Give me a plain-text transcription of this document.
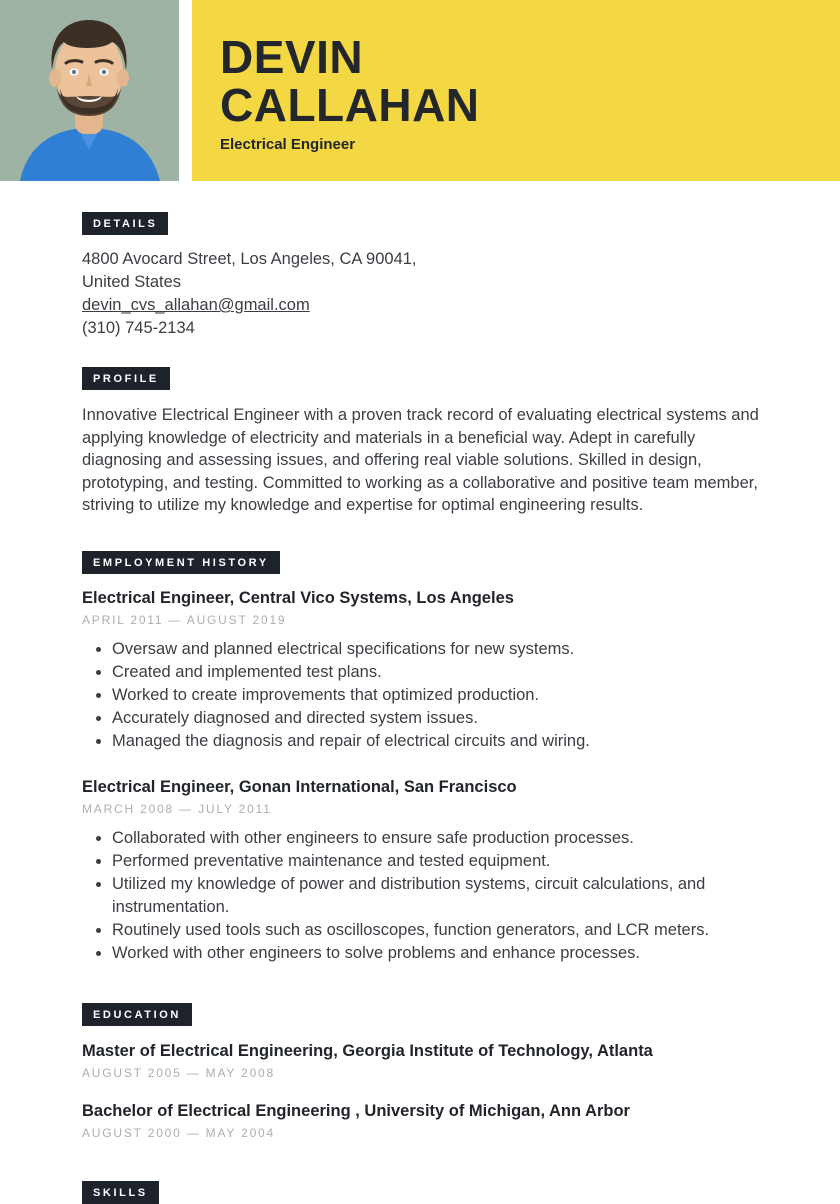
DEVIN
CALLAHAN
Electrical Engineer
DETAILS
4800 Avocard Street, Los Angeles, CA 90041,
United States
devin_cvs_allahan@gmail.com
(310) 745-2134
PROFILE
Innovative Electrical Engineer with a proven track record of evaluating electrical systems and applying knowledge of electricity and materials in a beneficial way. Adept in carefully diagnosing and assessing issues, and offering real viable solutions. Skilled in design, prototyping, and testing. Committed to working as a collaborative and positive team member, striving to utilize my knowledge and expertise for optimal engineering results.
EMPLOYMENT HISTORY
Electrical Engineer, Central Vico Systems, Los Angeles
APRIL 2011 — AUGUST 2019
• Oversaw and planned electrical specifications for new systems.
• Created and implemented test plans.
• Worked to create improvements that optimized production.
• Accurately diagnosed and directed system issues.
• Managed the diagnosis and repair of electrical circuits and wiring.
Electrical Engineer, Gonan International, San Francisco
MARCH 2008 — JULY 2011
• Collaborated with other engineers to ensure safe production processes.
• Performed preventative maintenance and tested equipment.
• Utilized my knowledge of power and distribution systems, circuit calculations, and instrumentation.
• Routinely used tools such as oscilloscopes, function generators, and LCR meters.
• Worked with other engineers to solve problems and enhance processes.
EDUCATION
Master of Electrical Engineering, Georgia Institute of Technology, Atlanta
AUGUST 2005 — MAY 2008
Bachelor of Electrical Engineering , University of Michigan, Ann Arbor
AUGUST 2000 — MAY 2004
SKILLS
